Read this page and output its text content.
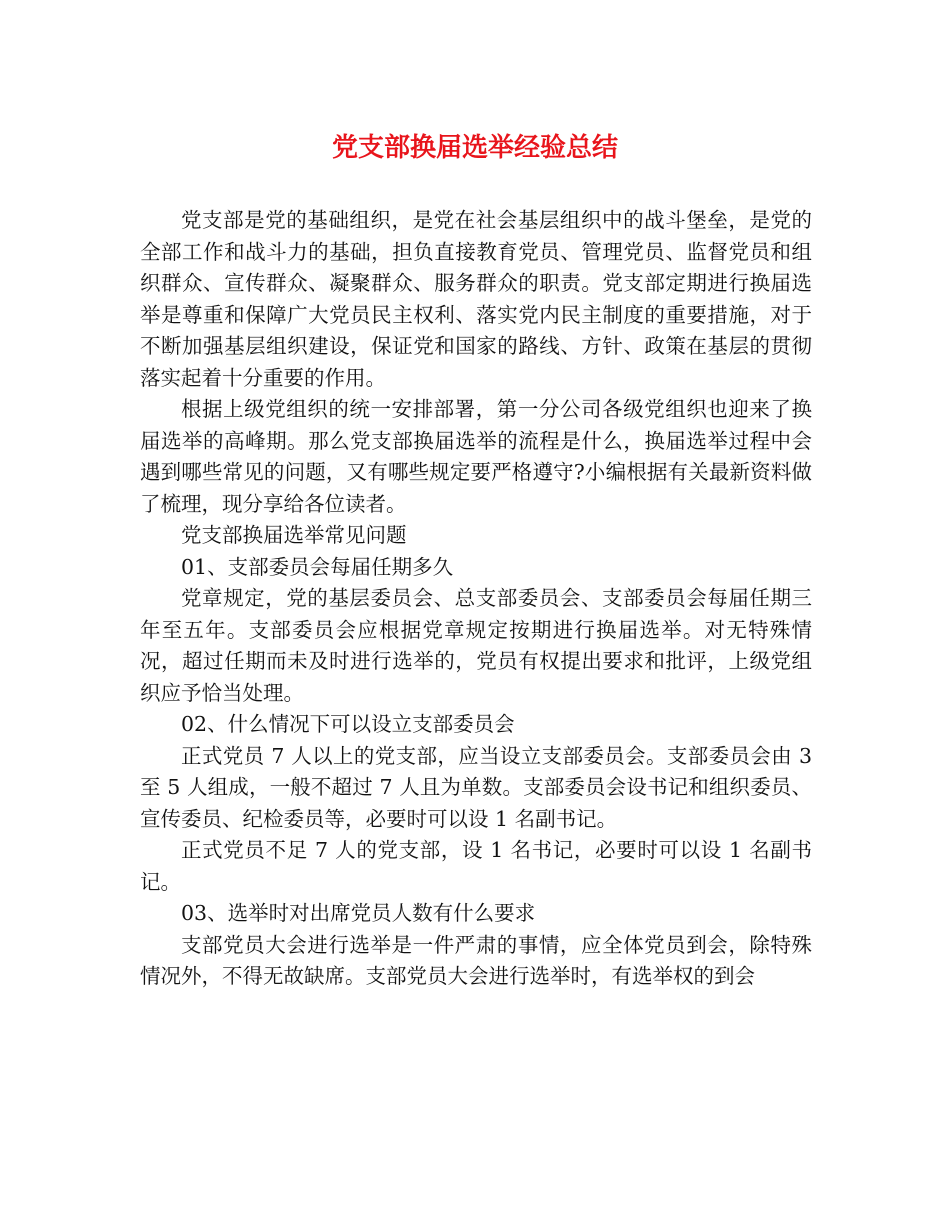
党支部换届选举经验总结

党支部是党的基础组织，是党在社会基层组织中的战斗堡垒，是党的全部工作和战斗力的基础，担负直接教育党员、管理党员、监督党员和组织群众、宣传群众、凝聚群众、服务群众的职责。党支部定期进行换届选举是尊重和保障广大党员民主权利、落实党内民主制度的重要措施，对于不断加强基层组织建设，保证党和国家的路线、方针、政策在基层的贯彻落实起着十分重要的作用。

根据上级党组织的统一安排部署，第一分公司各级党组织也迎来了换届选举的高峰期。那么党支部换届选举的流程是什么，换届选举过程中会遇到哪些常见的问题，又有哪些规定要严格遵守?小编根据有关最新资料做了梳理，现分享给各位读者。

党支部换届选举常见问题

01、支部委员会每届任期多久

党章规定，党的基层委员会、总支部委员会、支部委员会每届任期三年至五年。支部委员会应根据党章规定按期进行换届选举。对无特殊情况，超过任期而未及时进行选举的，党员有权提出要求和批评，上级党组织应予恰当处理。

02、什么情况下可以设立支部委员会

正式党员 7 人以上的党支部，应当设立支部委员会。支部委员会由 3 至 5 人组成，一般不超过 7 人且为单数。支部委员会设书记和组织委员、宣传委员、纪检委员等，必要时可以设 1 名副书记。

正式党员不足 7 人的党支部，设 1 名书记，必要时可以设 1 名副书记。

03、选举时对出席党员人数有什么要求

支部党员大会进行选举是一件严肃的事情，应全体党员到会，除特殊情况外，不得无故缺席。支部党员大会进行选举时，有选举权的到会
